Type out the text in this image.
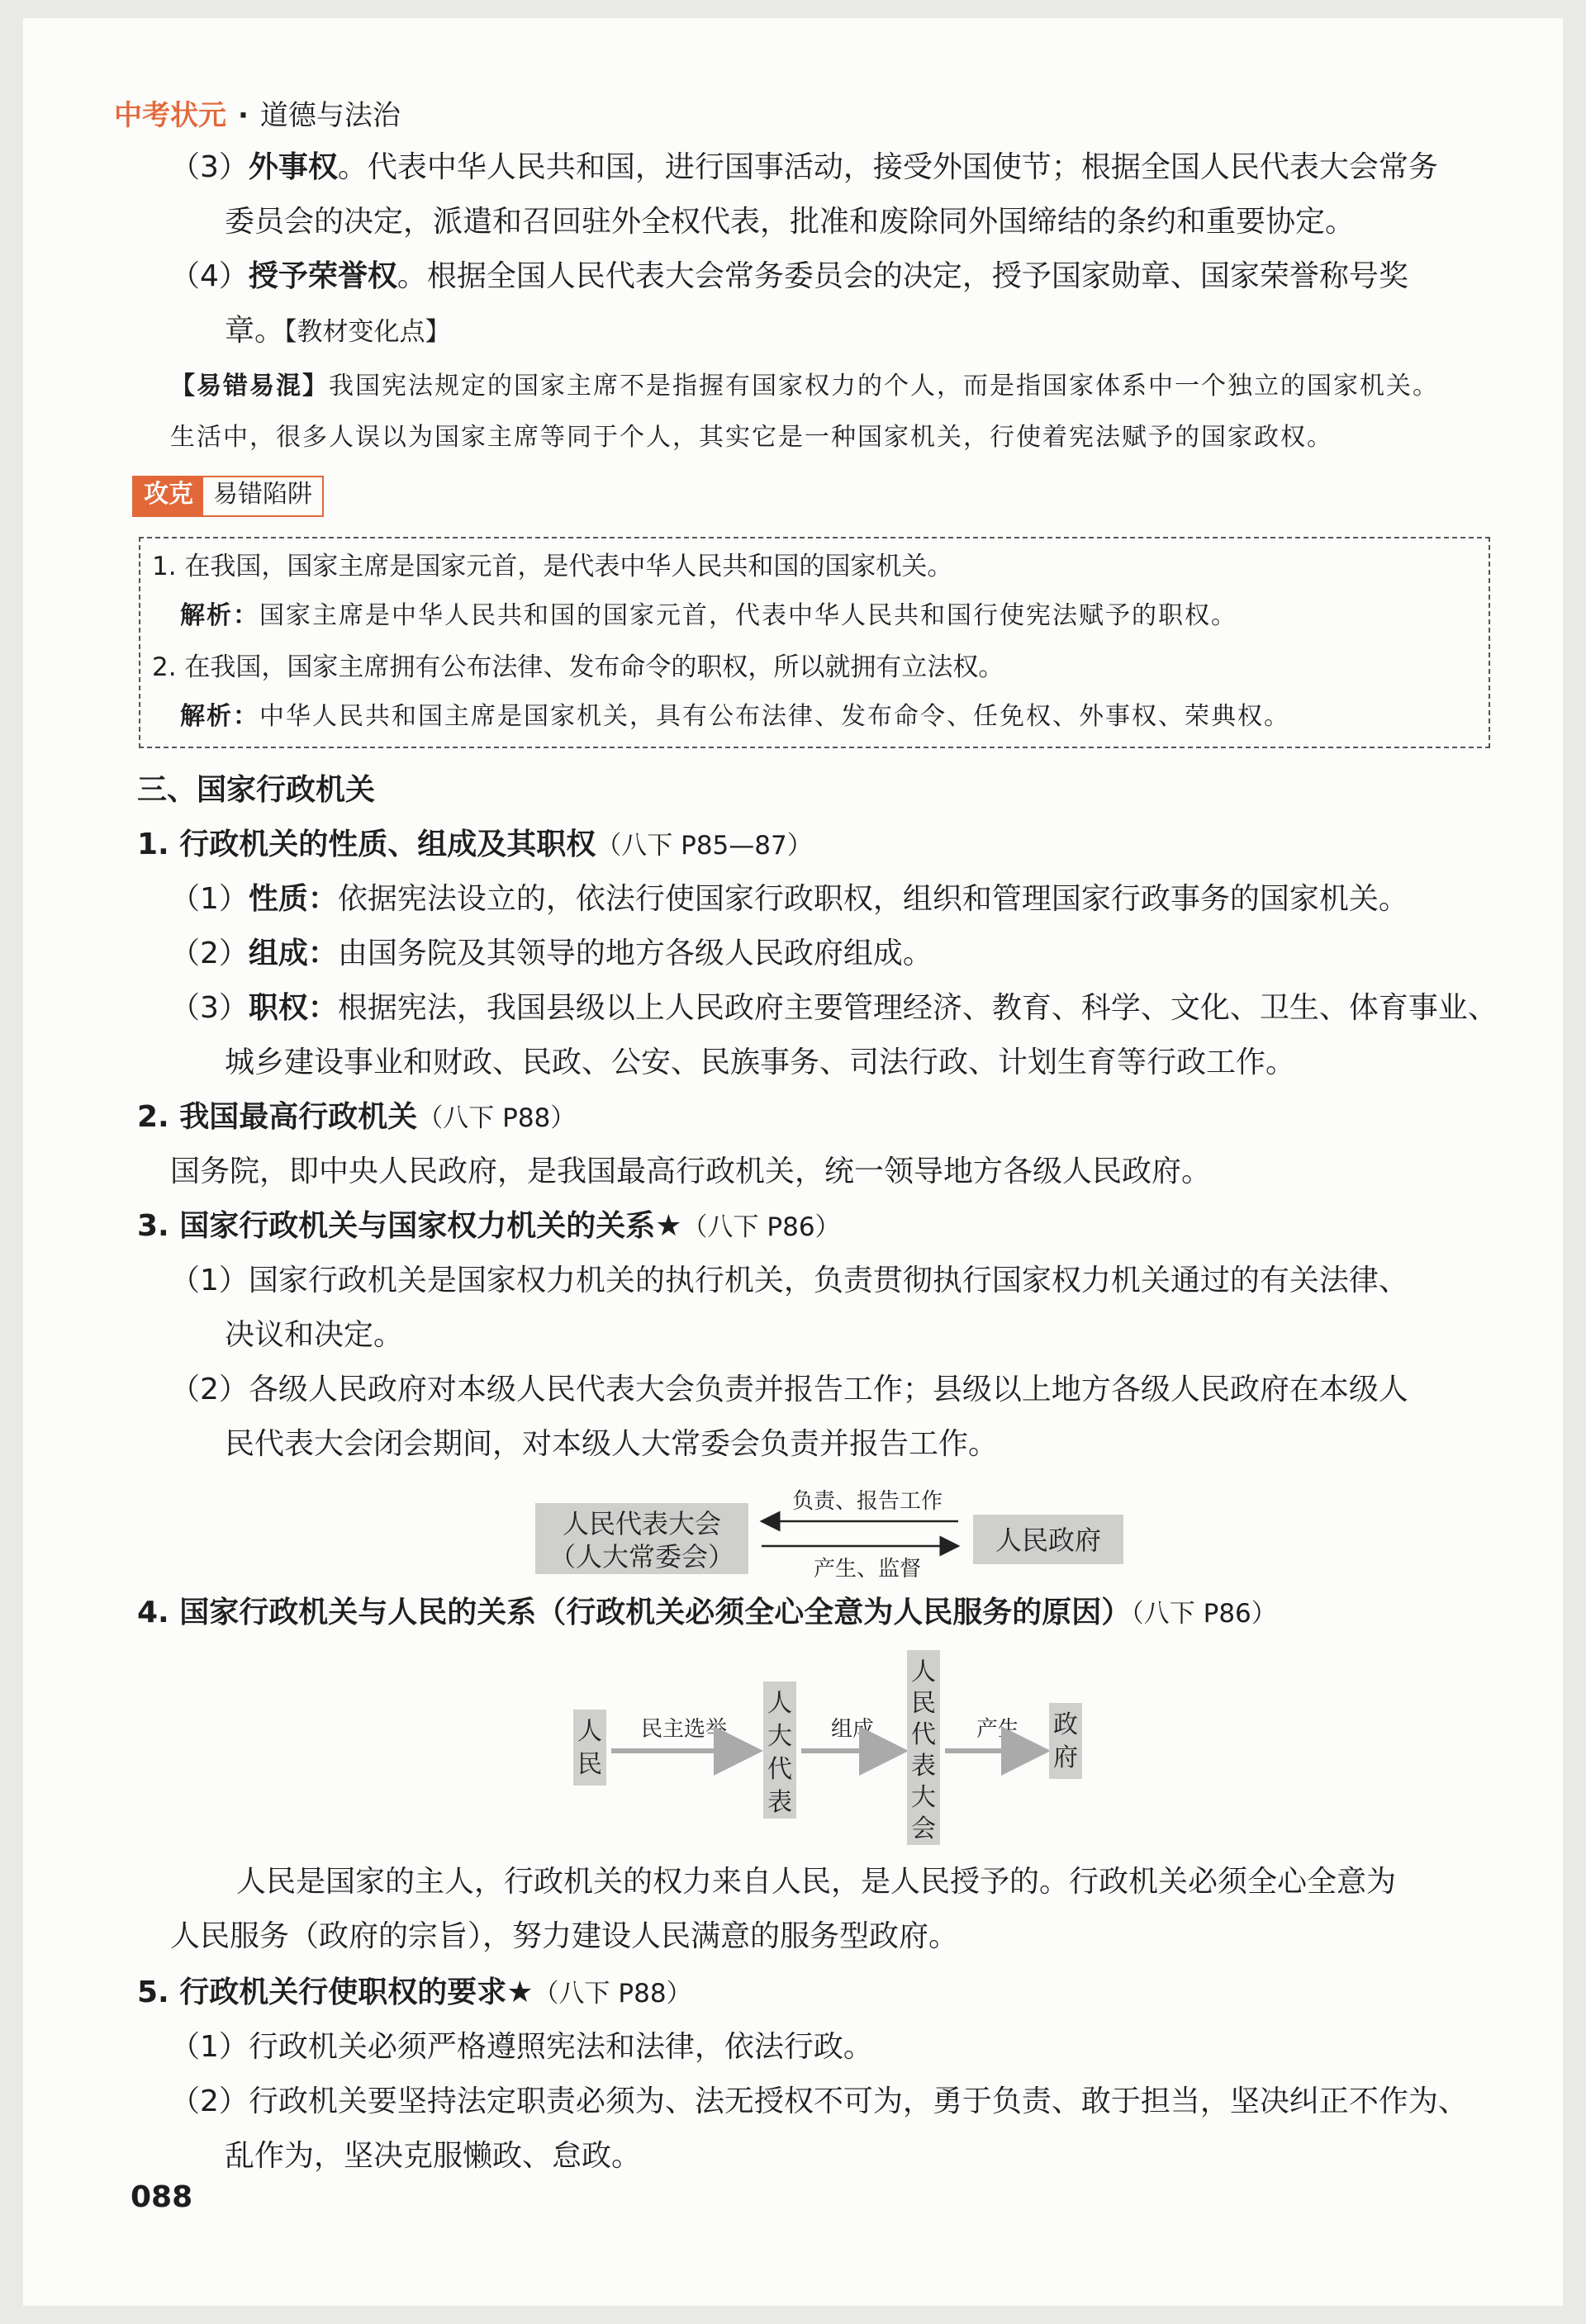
中考状元 · 道德与法治
（3）外事权。代表中华人民共和国，进行国事活动，接受外国使节；根据全国人民代表大会常务
委员会的决定，派遣和召回驻外全权代表，批准和废除同外国缔结的条约和重要协定。
（4）授予荣誉权。根据全国人民代表大会常务委员会的决定，授予国家勋章、国家荣誉称号奖
章。【教材变化点】
【易错易混】我国宪法规定的国家主席不是指握有国家权力的个人，而是指国家体系中一个独立的国家机关。
生活中，很多人误以为国家主席等同于个人，其实它是一种国家机关，行使着宪法赋予的国家政权。
攻克 易错陷阱
1. 在我国，国家主席是国家元首，是代表中华人民共和国的国家机关。
解析：国家主席是中华人民共和国的国家元首，代表中华人民共和国行使宪法赋予的职权。
2. 在我国，国家主席拥有公布法律、发布命令的职权，所以就拥有立法权。
解析：中华人民共和国主席是国家机关，具有公布法律、发布命令、任免权、外事权、荣典权。
三、国家行政机关
1. 行政机关的性质、组成及其职权（八下 P85—87）
（1）性质：依据宪法设立的，依法行使国家行政职权，组织和管理国家行政事务的国家机关。
（2）组成：由国务院及其领导的地方各级人民政府组成。
（3）职权：根据宪法，我国县级以上人民政府主要管理经济、教育、科学、文化、卫生、体育事业、
城乡建设事业和财政、民政、公安、民族事务、司法行政、计划生育等行政工作。
2. 我国最高行政机关（八下 P88）
国务院，即中央人民政府，是我国最高行政机关，统一领导地方各级人民政府。
3. 国家行政机关与国家权力机关的关系★（八下 P86）
（1）国家行政机关是国家权力机关的执行机关，负责贯彻执行国家权力机关通过的有关法律、
决议和决定。
（2）各级人民政府对本级人民代表大会负责并报告工作；县级以上地方各级人民政府在本级人
民代表大会闭会期间，对本级人大常委会负责并报告工作。
人民代表大会
（人大常委会）
负责、报告工作
产生、监督
人民政府
4. 国家行政机关与人民的关系（行政机关必须全心全意为人民服务的原因）（八下 P86）
人
民
民主选举
人
大
代
表
组成
人
民
代
表
大
会
产生 政
府
人民是国家的主人，行政机关的权力来自人民，是人民授予的。行政机关必须全心全意为
人民服务（政府的宗旨），努力建设人民满意的服务型政府。
5. 行政机关行使职权的要求★（八下 P88）
（1）行政机关必须严格遵照宪法和法律，依法行政。
（2）行政机关要坚持法定职责必须为、法无授权不可为，勇于负责、敢于担当，坚决纠正不作为、
乱作为，坚决克服懒政、怠政。
088
